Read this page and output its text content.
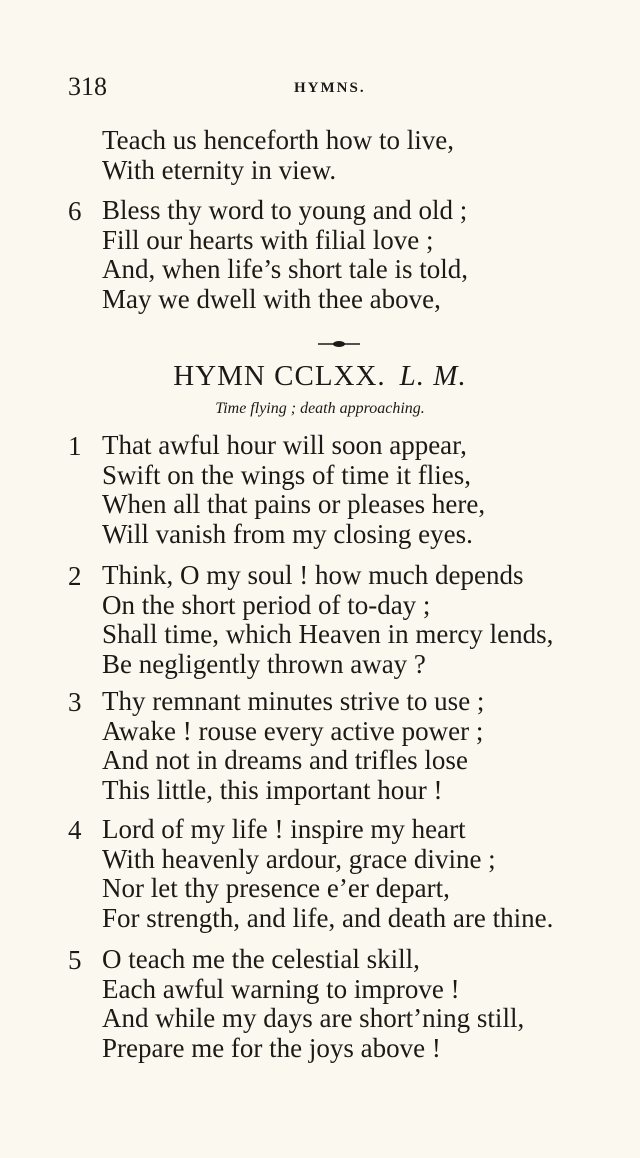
318	HYMNS.
Teach us henceforth how to live,
With eternity in view.
6 Bless thy word to young and old ;
Fill our hearts with filial love ;
And, when life’s short tale is told,
May we dwell with thee above,
HYMN CCLXX. L. M.
Time flying ; death approaching.
1 That awful hour will soon appear,
Swift on the wings of time it flies,
When all that pains or pleases here,
Will vanish from my closing eyes.
2 Think, O my soul ! how much depends
On the short period of to-day ;
Shall time, which Heaven in mercy lends,
Be negligently thrown away ?
3 Thy remnant minutes strive to use ;
Awake ! rouse every active power ;
And not in dreams and trifles lose
This little, this important hour !
4 Lord of my life ! inspire my heart
With heavenly ardour, grace divine ;
Nor let thy presence e’er depart,
For strength, and life, and death are thine.
5 O teach me the celestial skill,
Each awful warning to improve !
And while my days are short’ning still,
Prepare me for the joys above !
